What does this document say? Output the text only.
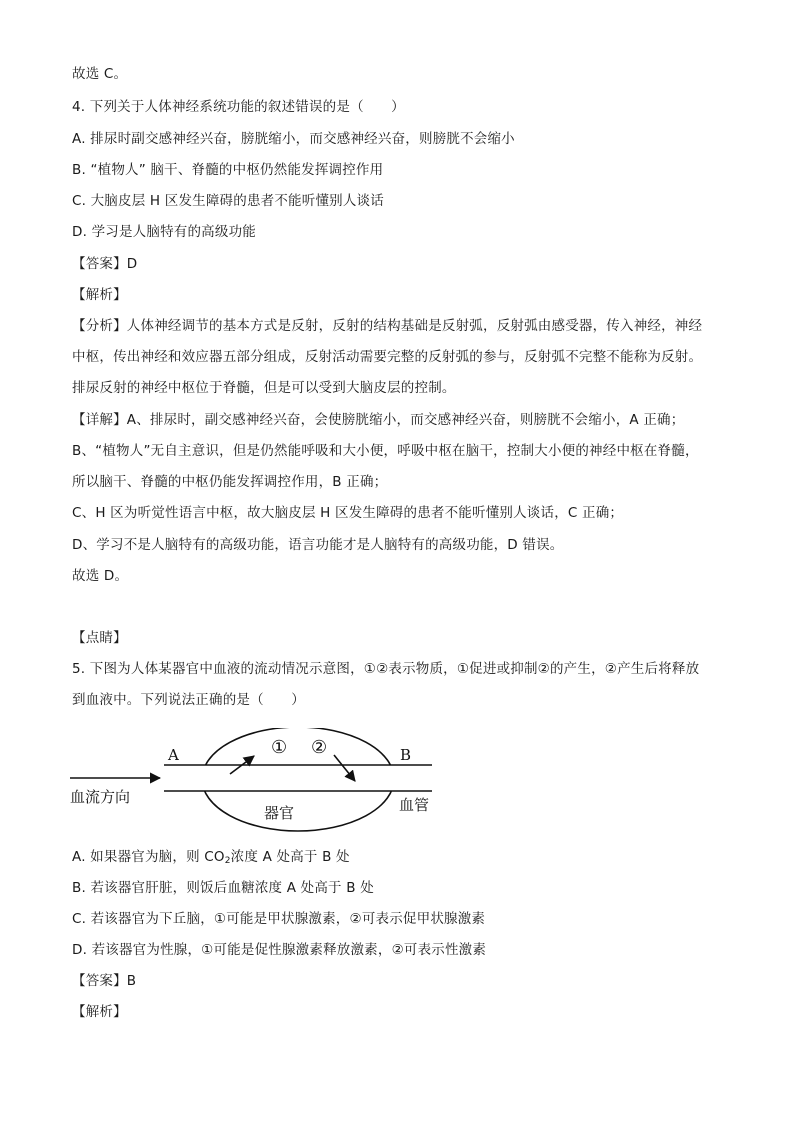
故选 C。
4. 下列关于人体神经系统功能的叙述错误的是（　　）
A. 排尿时副交感神经兴奋，膀胱缩小，而交感神经兴奋，则膀胱不会缩小
B. “植物人” 脑干、脊髓的中枢仍然能发挥调控作用
C. 大脑皮层 H 区发生障碍的患者不能听懂别人谈话
D. 学习是人脑特有的高级功能
【答案】D
【解析】
【分析】人体神经调节的基本方式是反射，反射的结构基础是反射弧，反射弧由感受器，传入神经，神经
中枢，传出神经和效应器五部分组成，反射活动需要完整的反射弧的参与，反射弧不完整不能称为反射。
排尿反射的神经中枢位于脊髓，但是可以受到大脑皮层的控制。
【详解】A、排尿时，副交感神经兴奋，会使膀胱缩小，而交感神经兴奋，则膀胱不会缩小，A 正确；
B、“植物人”无自主意识，但是仍然能呼吸和大小便，呼吸中枢在脑干，控制大小便的神经中枢在脊髓，
所以脑干、脊髓的中枢仍能发挥调控作用，B 正确；
C、H 区为听觉性语言中枢，故大脑皮层 H 区发生障碍的患者不能听懂别人谈话，C 正确；
D、学习不是人脑特有的高级功能，语言功能才是人脑特有的高级功能，D 错误。
故选 D。
【点睛】
5. 下图为人体某器官中血液的流动情况示意图，①②表示物质，①促进或抑制②的产生，②产生后将释放
到血液中。下列说法正确的是（　　）
A	B
① ②
血流方向
器官	血管
A. 如果器官为脑，则 $CO_2$浓度 A 处高于 B 处
B. 若该器官肝脏，则饭后血糖浓度 A 处高于 B 处
C. 若该器官为下丘脑，①可能是甲状腺激素，②可表示促甲状腺激素
D. 若该器官为性腺，①可能是促性腺激素释放激素，②可表示性激素
【答案】B
【解析】
